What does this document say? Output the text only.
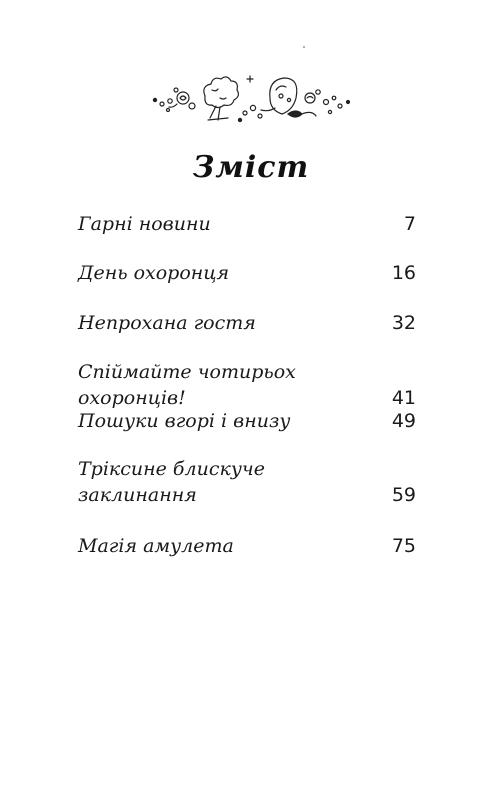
Зміст
Гарні новини	7
День охоронця	16
Непрохана гостя	32
Спіймайте чотирьох охоронців!	41
Пошуки вгорі і внизу	49
Тріксине блискуче
заклинання	59
Магія амулета	75
